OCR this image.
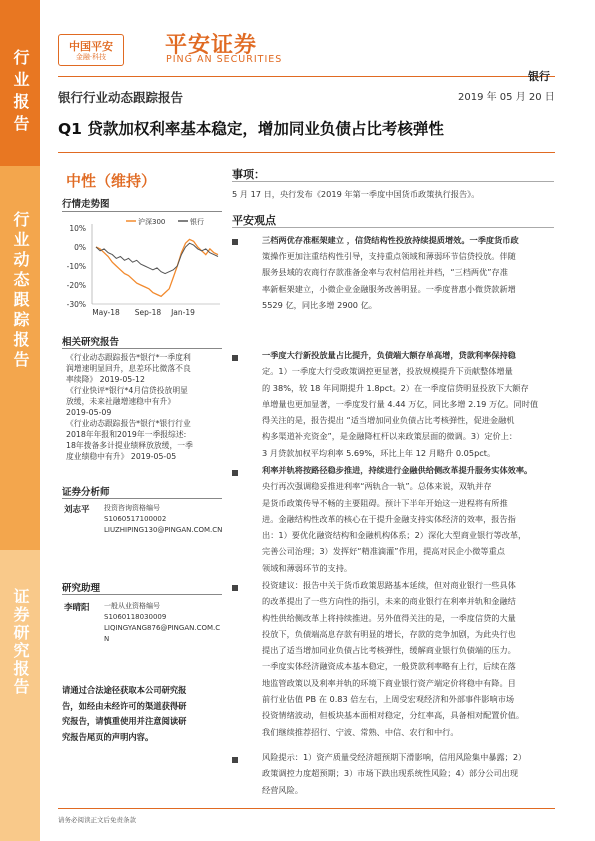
行业报告
行业动态跟踪报告
证券研究报告
中国平安
金融·科技	平安证券
PING AN SECURITIES
银行
银行行业动态跟踪报告	2019 年 05 月 20 日
Q1 贷款加权利率基本稳定，增加同业负债占比考核弹性
中性（维持）
行情走势图
10%
0%
-10%
-20%
-30%
May-18 Sep-18 Jan-19
沪深300	银行
相关研究报告
《行业动态跟踪报告*银行*一季度利
润增速明显回升，息差环比微落不良
率续降》 2019-05-12
《行业快评*银行*4月信贷投放明显
放缓，未来社融增速稳中有升》
2019-05-09
《行业动态跟踪报告*银行*银行行业
2018年年报和2019年一季报综述:
18年拨备多计提业绩释放放缓，一季
度业绩稳中有升》 2019-05-05
证券分析师
刘志平 投资咨询资格编号
S1060517100002
LIUZHIPING130@PINGAN.COM.CN
研究助理
李晴阳 一般从业资格编号
S1060118030009
LIQINGYANG876@PINGAN.COM.C
N
请通过合法途径获取本公司研究报
告，如经由未经许可的渠道获得研
究报告，请慎重使用并注意阅读研
究报告尾页的声明内容。
事项：
5 月 17 日，央行发布《2019 年第一季度中国货币政策执行报告》。
平安观点
三档两优存准框架建立 ，信贷结构性投放持续提质增效。一季度货币政
策操作更加注重结构性引导，支持重点领域和薄弱环节信贷投放。伴随
服务县域的农商行存款准备金率与农村信用社并档，“三档两优”存准
率新框架建立，小微企业金融服务改善明显。一季度普惠小微贷款新增
5529 亿，同比多增 2900 亿。
一季度大行新投放量占比提升，负债端大额存单高增，贷款利率保持稳
定。1）一季度大行受政策调控更显著，投放规模提升下贡献整体增量
的 38%，较 18 年同期提升 1.8pct。2）在一季度信贷明显投放下大额存
单增量也更加显著，一季度发行量 4.44 万亿，同比多增 2.19 万亿。同时值
得关注的是，报告提出 “适当增加同业负债占比考核弹性，促进金融机
构多渠道补充资金”，是金融降杠杆以来政策层面的微调。3）定价上：
3 月贷款加权平均利率 5.69%，环比上年 12 月略升 0.05pct。
利率并轨将按路径稳步推进，持续进行金融供给侧改革提升服务实体效率。
央行再次强调稳妥推进利率“两轨合一轨”。总体来说，双轨并存
是货币政策传导不畅的主要阻碍。预计下半年开始这一进程将有所推
进。金融结构性改革的核心在于提升金融支持实体经济的效率，报告指
出：1）要优化融资结构和金融机构体系；2）深化大型商业银行等改革，
完善公司治理；3）发挥好“精准滴灌”作用，提高对民企小微等重点
领域和薄弱环节的支持。
投资建议：报告中关于货币政策思路基本延续，但对商业银行一些具体
的改革提出了一些方向性的指引，未来的商业银行在利率并轨和金融结
构性供给侧改革上将持续推进。另外值得关注的是，一季度信贷的大量
投放下，负债端高息存款有明显的增长，存款的竞争加剧，为此央行也
提出了适当增加同业负债占比考核弹性，缓解商业银行负债端的压力。
一季度实体经济融资成本基本稳定，一般贷款利率略有上行，后续在落
地监管政策以及利率并轨的环境下商业银行资产端定价将稳中有降。目
前行业估值 PB 在 0.83 倍左右，上周受宏观经济和外部事件影响市场
投资情绪波动，但板块基本面相对稳定，分红率高，具备相对配置价值。
我们继续推荐招行、宁波、常熟、中信、农行和中行。
风险提示：1）资产质量受经济超预期下滑影响，信用风险集中暴露；2）
政策调控力度超预期；3）市场下跌出现系统性风险；4）部分公司出现
经营风险。
请务必阅读正文后免责条款
